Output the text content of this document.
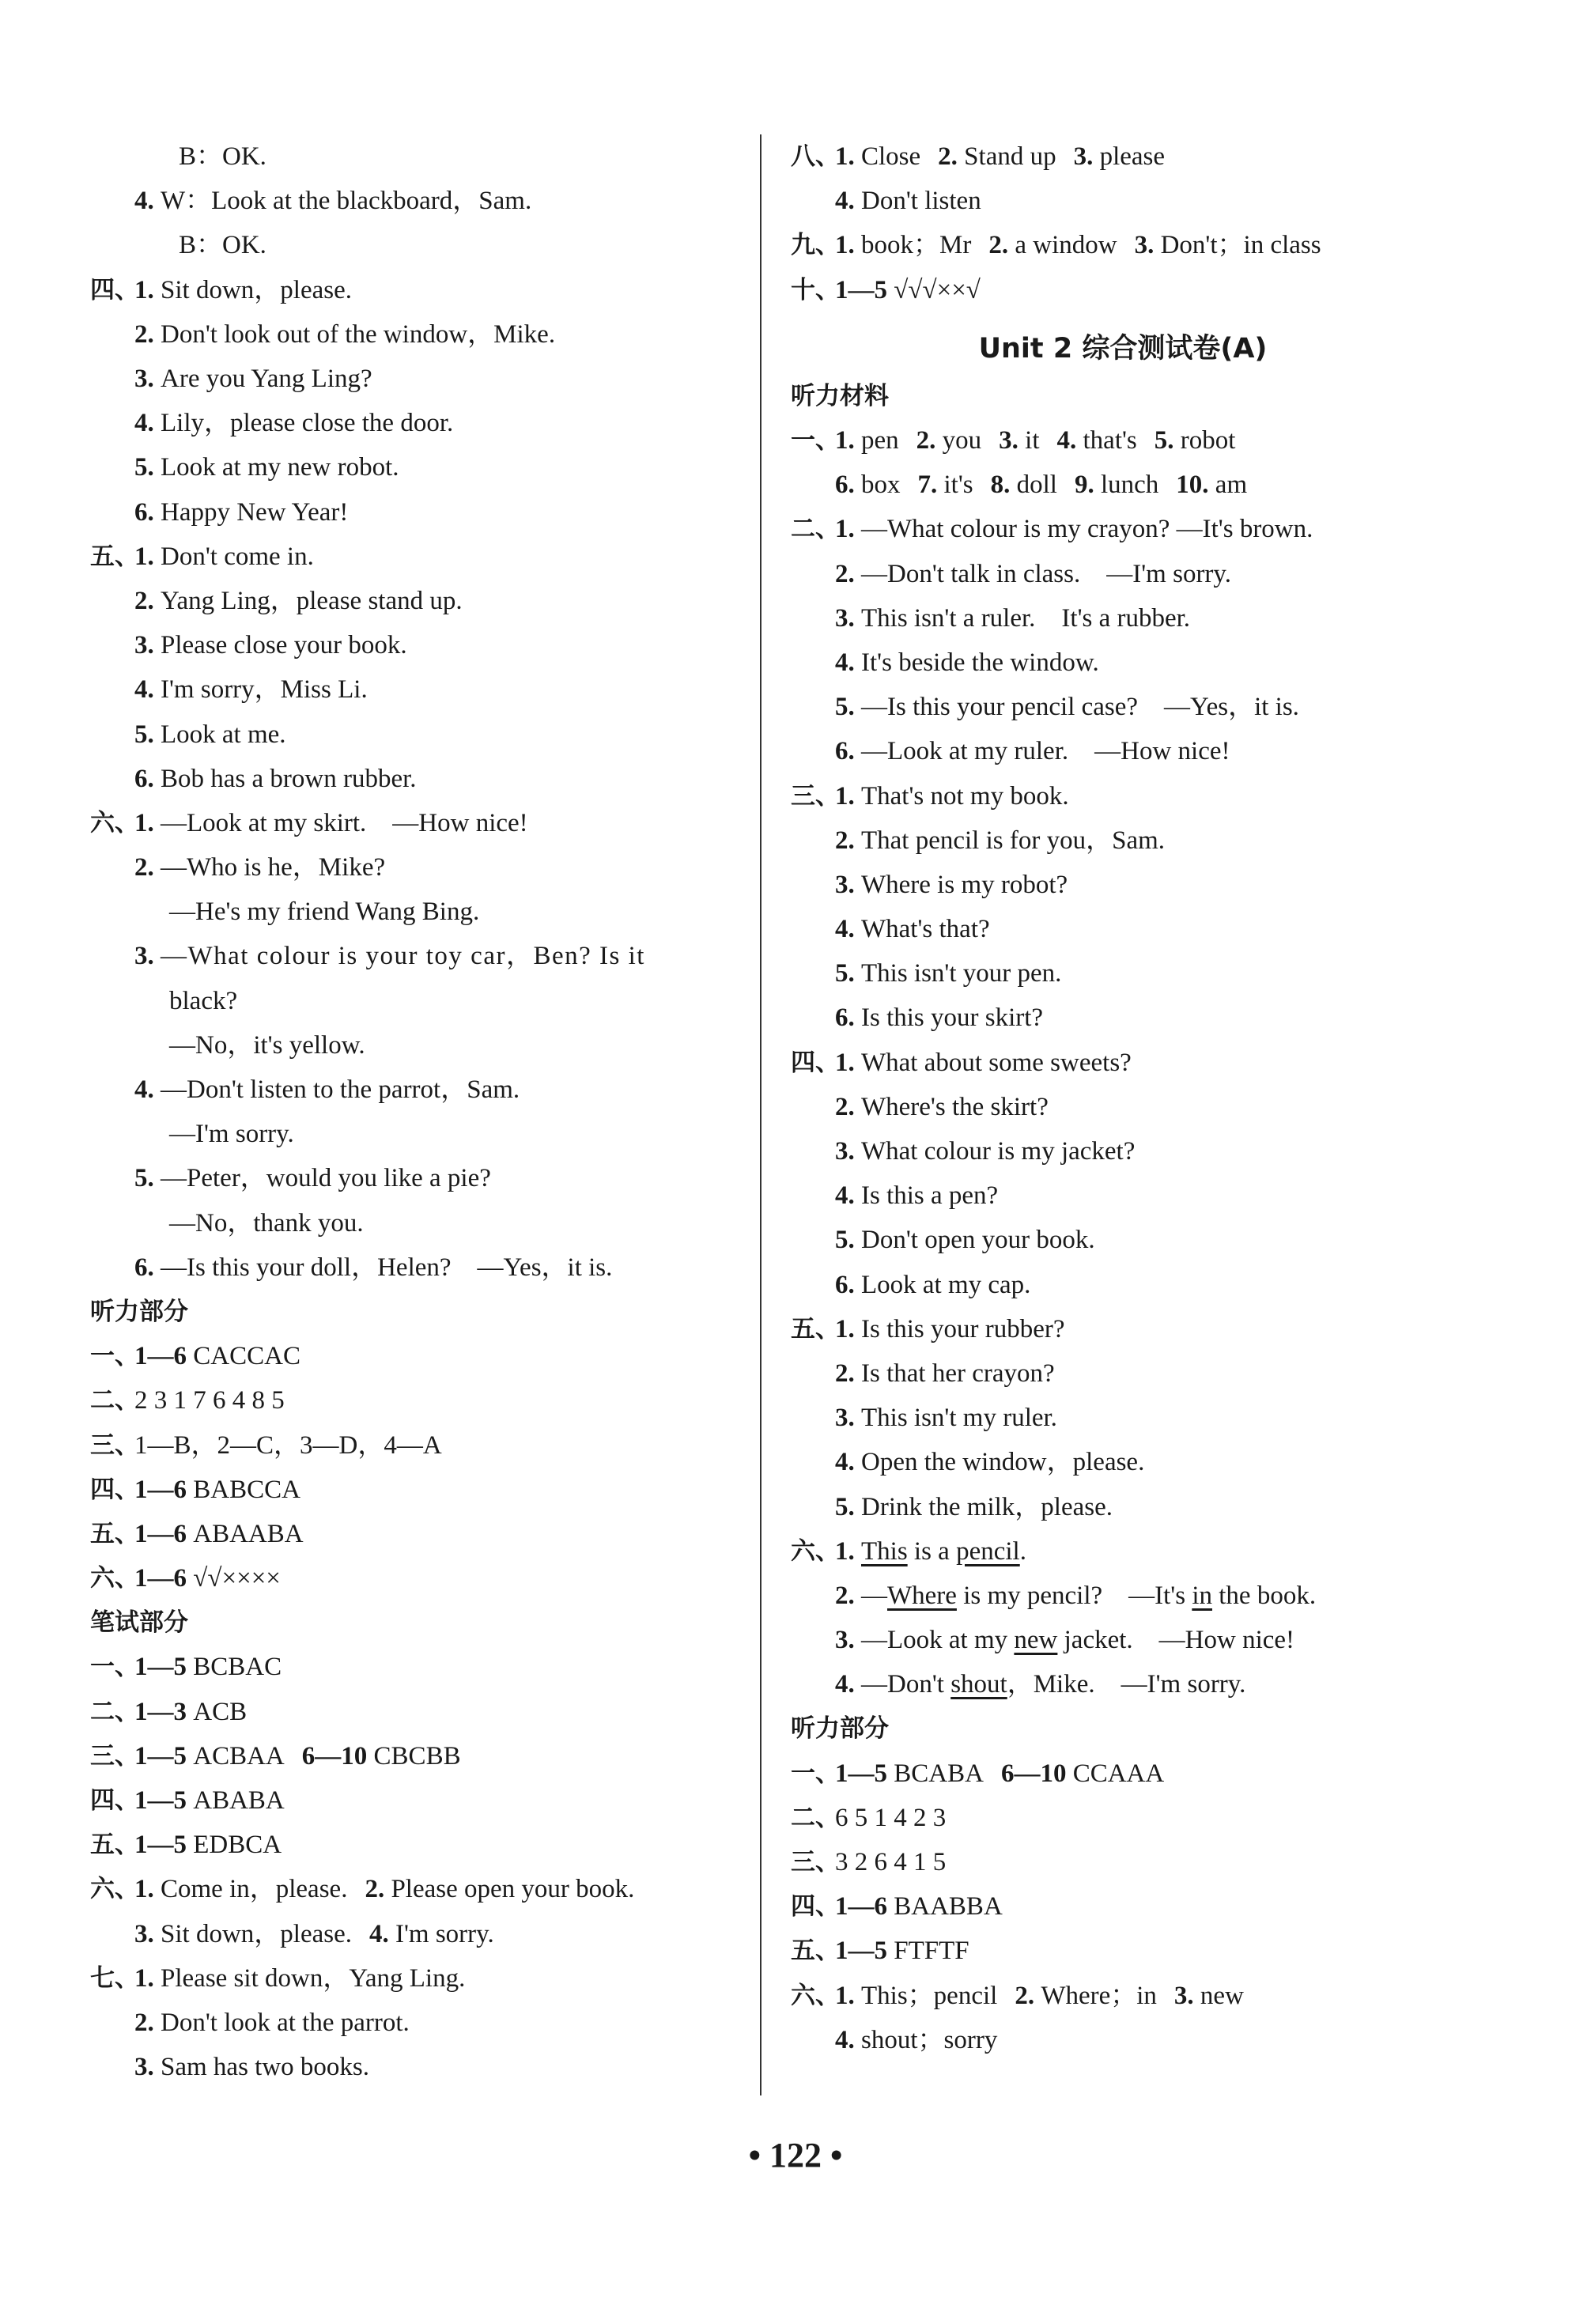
B：OK.
4.
W：Look at the blackboard，Sam.
B：OK.
四、
1.
Sit down，please.
2.
Don't look out of the window，Mike.
3.
Are you Yang Ling?
4.
Lily，please close the door.
5.
Look at my new robot.
6.
Happy New Year!
五、
1.
Don't come in.
2.
Yang Ling，please stand up.
3.
Please close your book.
4.
I'm sorry，Miss Li.
5.
Look at me.
6.
Bob has a brown rubber.
六、
1.
—Look at my skirt.　—How nice!
2.
—Who is he，Mike?
—He's my friend Wang Bing.
3.
—What colour is your toy car，Ben? Is it
black?
—No，it's yellow.
4.
—Don't listen to the parrot，Sam.
—I'm sorry.
5.
—Peter，would you like a pie?
—No，thank you.
6.
—Is this your doll，Helen?　—Yes，it is.
听力部分
一、
1—6
CACCAC
二、
2 3 1 7 6 4 8 5
三、
1—B，2—C，3—D，4—A
四、
1—6
BABCCA
五、
1—6
ABAABA
六、
1—6
√√××××
笔试部分
一、
1—5
BCBAC
二、
1—3
ACB
三、
1—5
ACBAA 6—10
CBCBB
四、
1—5
ABABA
五、
1—5
EDBCA
六、
1.
Come in，please. 2.
Please open your book.
3.
Sit down，please. 4.
I'm sorry.
七、
1.
Please sit down，Yang Ling.
2.
Don't look at the parrot.
3.
Sam has two books.
八、
1.
Close 2.
Stand up 3.
please
4.
Don't listen
九、
1.
book；Mr 2.
a window 3.
Don't；in class
十、
1—5
√√√××√
Unit 2 综合测试卷(A)
听力材料
一、
1.
pen 2.
you 3.
it 4.
that's 5.
robot
6.
box 7.
it's 8.
doll 9.
lunch 10.
am
二、
1.
—What colour is my crayon? —It's brown.
2.
—Don't talk in class.　—I'm sorry.
3.
This isn't a ruler.　It's a rubber.
4.
It's beside the window.
5.
—Is this your pencil case?　—Yes，it is.
6.
—Look at my ruler.　—How nice!
三、
1.
That's not my book.
2.
That pencil is for you，Sam.
3.
Where is my robot?
4.
What's that?
5.
This isn't your pen.
6.
Is this your skirt?
四、
1.
What about some sweets?
2.
Where's the skirt?
3.
What colour is my jacket?
4.
Is this a pen?
5.
Don't open your book.
6.
Look at my cap.
五、
1.
Is this your rubber?
2.
Is that her crayon?
3.
This isn't my ruler.
4.
Open the window，please.
5.
Drink the milk，please.
六、
1.
This
is a
pencil .
2.
— Where
is my pencil?　—It's
in
the book.
3.
—Look at my
new
jacket.　—How nice!
4.
—Don't
shout ，Mike.　—I'm sorry.
听力部分
一、
1—5
BCABA 6—10
CCAAA
二、
6 5 1 4 2 3
三、
3 2 6 4 1 5
四、
1—6
BAABBA
五、
1—5
FTFTF
六、
1.
This；pencil 2.
Where；in 3.
new
4.
shout；sorry
• 122 •
